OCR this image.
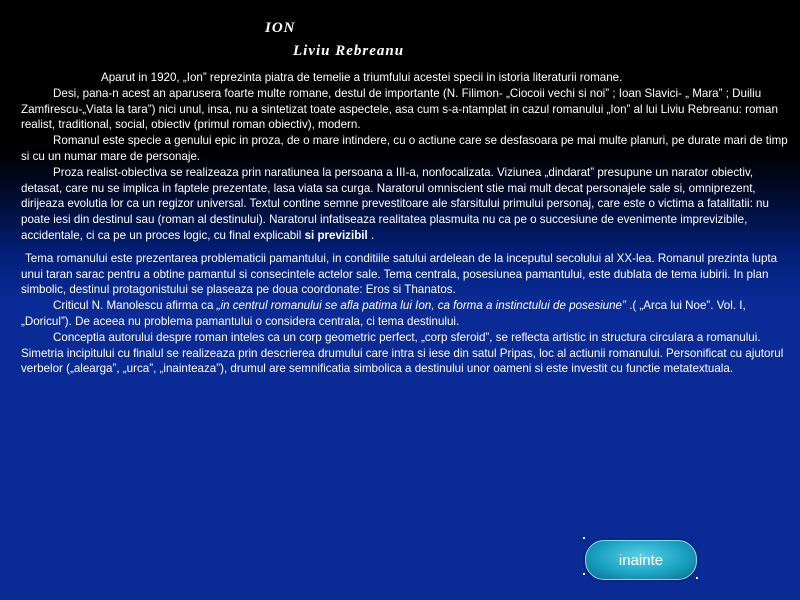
ION
Liviu Rebreanu

Aparut in 1920, „Ion” reprezinta piatra de temelie a triumfului acestei specii in istoria literaturii romane.

Desi, pana-n acest an aparusera foarte multe romane, destul de importante (N. Filimon- „Ciocoii vechi si noi” ; Ioan Slavici- „ Mara” ; Duiliu Zamfirescu-„Viata la tara”) nici unul, insa, nu a sintetizat toate aspectele, asa cum s-a-ntamplat in cazul romanului „Ion” al lui Liviu Rebreanu: roman realist, traditional, social, obiectiv (primul roman obiectiv), modern.

Romanul este specie a genului epic in proza, de o mare intindere, cu o actiune care se desfasoara pe mai multe planuri, pe durate mari de timp si cu un numar mare de personaje.

Proza realist-obiectiva se realizeaza prin naratiunea la persoana a III-a, nonfocalizata. Viziunea „dindarat” presupune un narator obiectiv, detasat, care nu se implica in faptele prezentate, lasa viata sa curga. Naratorul omniscient stie mai mult decat personajele sale si, omniprezent, dirijeaza evolutia lor ca un regizor universal. Textul contine semne prevestitoare ale sfarsitului primului personaj, care este o victima a fatalitatii: nu poate iesi din destinul sau (roman al destinului). Naratorul infatiseaza realitatea plasmuita nu ca pe o succesiune de evenimente imprevizibile, accidentale, ci ca pe un proces logic, cu final explicabil si previzibil .

Tema romanului este prezentarea problematicii pamantului, in conditiile satului ardelean de la inceputul secolului al XX-lea. Romanul prezinta lupta unui taran sarac pentru a obtine pamantul si consecintele actelor sale. Tema centrala, posesiunea pamantului, este dublata de tema iubirii. In plan simbolic, destinul protagonistului se plaseaza pe doua coordonate: Eros si Thanatos.

Criticul N. Manolescu afirma ca „in centrul romanului se afla patima lui Ion, ca forma a instinctului de posesiune” .( „Arca lui Noe”. Vol. I, „Doricul”). De aceea nu problema pamantului o considera centrala, ci tema destinului.

Conceptia autorului despre roman inteles ca un corp geometric perfect, „corp sferoid”, se reflecta artistic in structura circulara a romanului. Simetria incipitului cu finalul se realizeaza prin descrierea drumului care intra si iese din satul Pripas, loc al actiunii romanului. Personificat cu ajutorul verbelor („alearga”, „urca”, „inainteaza”), drumul are semnificatia simbolica a destinului unor oameni si este investit cu functie metatextuala.

inainte
